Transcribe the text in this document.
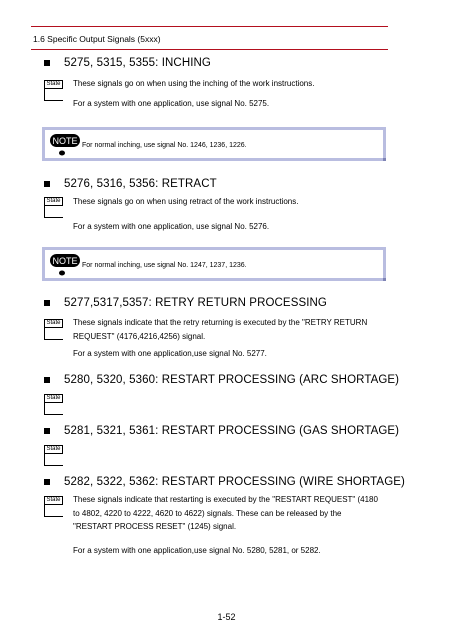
1.6 Specific Output Signals (5xxx)
5275, 5315, 5355: INCHING
State	These signals go on when using the inching of the work instructions.
For a system with one application, use signal No. 5275.
NOTE For normal inching, use signal No. 1246, 1236, 1226.
5276, 5316, 5356: RETRACT
State	These signals go on when using retract of the work instructions.
For a system with one application, use signal No. 5276.
NOTE For normal inching, use signal No. 1247, 1237, 1236.
5277,5317,5357: RETRY RETURN PROCESSING
State	These signals indicate that the retry returning is executed by the "RETRY RETURN
REQUEST" (4176,4216,4256) signal.
For a system with one application,use signal No. 5277.
5280, 5320, 5360: RESTART PROCESSING (ARC SHORTAGE)
State
5281, 5321, 5361: RESTART PROCESSING (GAS SHORTAGE)
State
5282, 5322, 5362: RESTART PROCESSING (WIRE SHORTAGE)
State	These signals indicate that restarting is executed by the "RESTART REQUEST" (4180
to 4802, 4220 to 4222, 4620 to 4622) signals. These can be released by the
"RESTART PROCESS RESET" (1245) signal.
For a system with one application,use signal No. 5280, 5281, or 5282.
1-52
